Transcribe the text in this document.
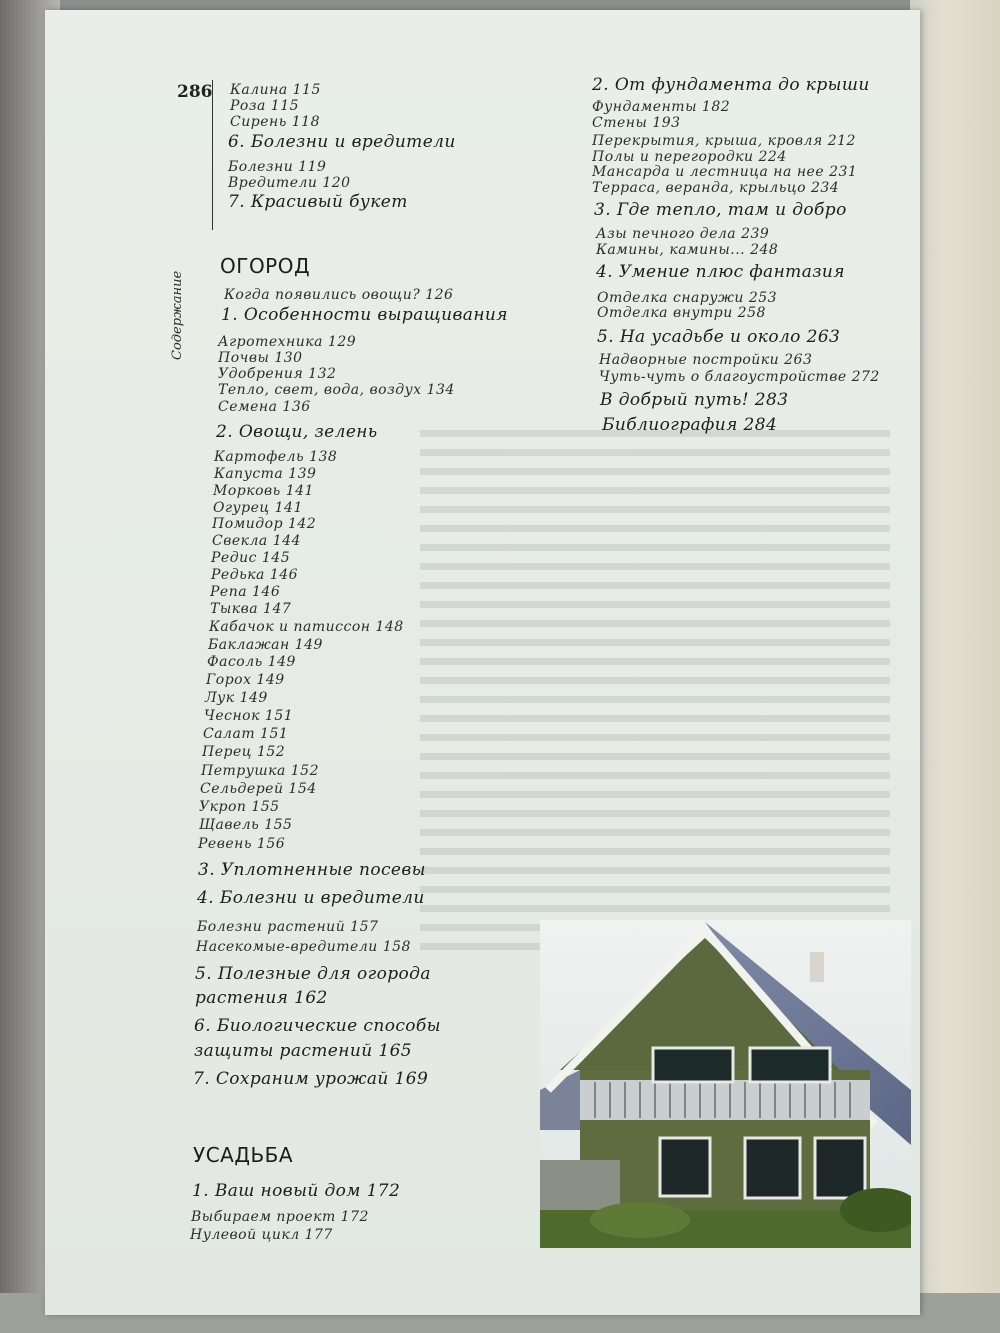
286
Содержание
Калина 115
Роза 115
Сирень 118
6. Болезни и вредители
Болезни 119
Вредители 120
7. Красивый букет
ОГОРОД
Когда появились овощи? 126
1. Особенности выращивания
Агротехника 129
Почвы 130
Удобрения 132
Тепло, свет, вода, воздух 134
Семена 136
2. Овощи, зелень
Картофель 138
Капуста 139
Морковь 141
Огурец 141
Помидор 142
Свекла 144
Редис 145
Редька 146
Репа 146
Тыква 147
Кабачок и патиссон 148
Баклажан 149
Фасоль 149
Горох 149
Лук 149
Чеснок 151
Салат 151
Перец 152
Петрушка 152
Сельдерей 154
Укроп 155
Щавель 155
Ревень 156
3. Уплотненные посевы
4. Болезни и вредители
Болезни растений 157
Насекомые-вредители 158
5. Полезные для огорода
растения 162
6. Биологические способы
защиты растений 165
7. Сохраним урожай 169
УСАДЬБА
1. Ваш новый дом 172
Выбираем проект 172
Нулевой цикл 177
2. От фундамента до крыши
Фундаменты 182
Стены 193
Перекрытия, крыша, кровля 212
Полы и перегородки 224
Мансарда и лестница на нее 231
Терраса, веранда, крыльцо 234
3. Где тепло, там и добро
Азы печного дела 239
Камины, камины... 248
4. Умение плюс фантазия
Отделка снаружи 253
Отделка внутри 258
5. На усадьбе и около 263
Надворные постройки 263
Чуть-чуть о благоустройстве 272
В добрый путь! 283
Библиография 284
